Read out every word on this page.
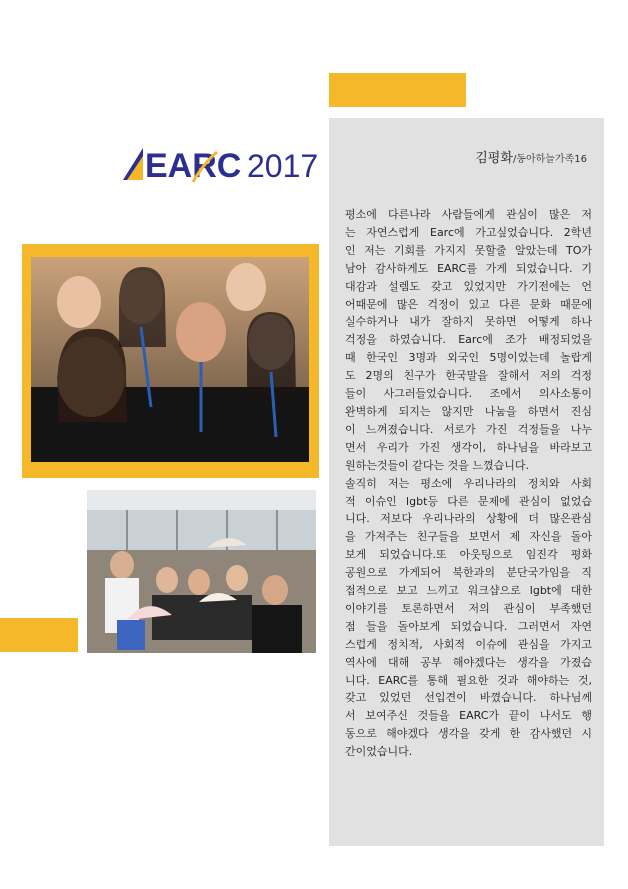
EARC 2017	김평화/동아하늘가족16
평소에 다른나라 사람들에게 관심이 많은 저
는 자연스럽게 Earc에 가고싶었습니다. 2학년
인 저는 기회를 가지지 못할줄 알았는데 TO가
남아 감사하게도 EARC를 가게 되었습니다. 기
대감과 설렘도 갖고 있었지만 가기전에는 언
어때문에 많은 걱정이 있고 다른 문화 때문에
실수하거나 내가 잘하지 못하면 어떻게 하나
걱정을 하였습니다. Earc에 조가 배정되었을
때 한국인 3명과 외국인 5명이었는데 놀랍게
도 2명의 친구가 한국말을 잘해서 저의 걱정
들이 사그러들었습니다. 조에서 의사소통이
완벽하게 되지는 않지만 나눔을 하면서 진심
이 느껴졌습니다. 서로가 가진 걱정들을 나누
면서 우리가 가진 생각이, 하나님을 바라보고
원하는것들이 같다는 것을 느꼈습니다.
솔직히 저는 평소에 우리나라의 정치와 사회
적 이슈인 lgbt등 다른 문제에 관심이 없었습
니다. 저보다 우리나라의 상황에 더 많은관심
을 가져주는 친구들을 보면서 제 자신을 돌아
보게 되었습니다.또 아웃팅으로 임진각 평화
공원으로 가게되어 북한과의 분단국가임을 직
접적으로 보고 느끼고 워크샵으로 lgbt에 대한
이야기를 토론하면서 저의 관심이 부족했던
점 들을 돌아보게 되었습니다. 그러면서 자연
스럽게 정치적, 사회적 이슈에 관심을 가지고
역사에 대해 공부 해야겠다는 생각을 가졌습
니다. EARC를 통해 필요한 것과 해야하는 것,
갖고 있었던 선입견이 바꼈습니다. 하나님께
서 보여주신 것들을 EARC가 끝이 나서도 행
동으로 해야겠다 생각을 갖게 한 감사했던 시
간이었습니다.
